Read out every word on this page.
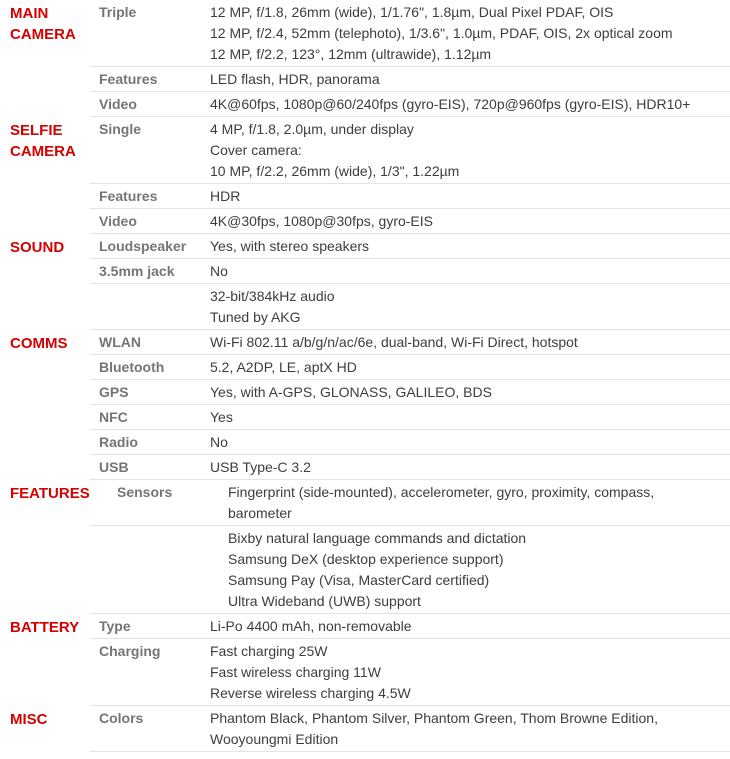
MAIN CAMERA	Triple	12 MP, f/1.8, 26mm (wide), 1/1.76", 1.8µm, Dual Pixel PDAF, OIS
12 MP, f/2.4, 52mm (telephoto), 1/3.6", 1.0µm, PDAF, OIS, 2x optical zoom
12 MP, f/2.2, 123°, 12mm (ultrawide), 1.12µm

	Features	LED flash, HDR, panorama

	Video	4K@60fps, 1080p@60/240fps (gyro-EIS), 720p@960fps (gyro-EIS), HDR10+

SELFIE CAMERA	Single	4 MP, f/1.8, 2.0µm, under display
Cover camera:
10 MP, f/2.2, 26mm (wide), 1/3", 1.22µm

	Features	HDR

	Video	4K@30fps, 1080p@30fps, gyro-EIS

SOUND	Loudspeaker	Yes, with stereo speakers

	3.5mm jack	No

		32-bit/384kHz audio
Tuned by AKG

COMMS	WLAN	Wi-Fi 802.11 a/b/g/n/ac/6e, dual-band, Wi-Fi Direct, hotspot

	Bluetooth	5.2, A2DP, LE, aptX HD

	GPS	Yes, with A-GPS, GLONASS, GALILEO, BDS

	NFC	Yes

	Radio	No

	USB	USB Type-C 3.2

FEATURES	Sensors	Fingerprint (side-mounted), accelerometer, gyro, proximity, compass, barometer

		Bixby natural language commands and dictation
Samsung DeX (desktop experience support)
Samsung Pay (Visa, MasterCard certified)
Ultra Wideband (UWB) support

BATTERY	Type	Li-Po 4400 mAh, non-removable

	Charging	Fast charging 25W
Fast wireless charging 11W
Reverse wireless charging 4.5W

MISC	Colors	Phantom Black, Phantom Silver, Phantom Green, Thom Browne Edition, Wooyoungmi Edition
